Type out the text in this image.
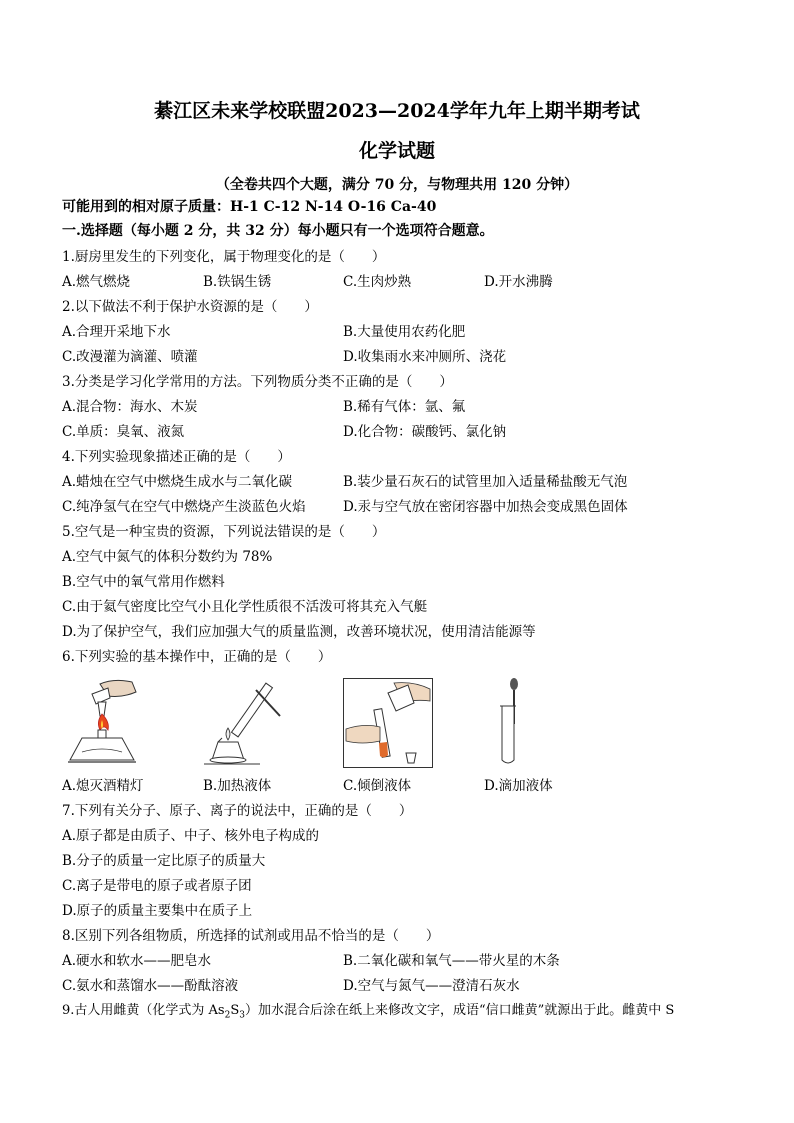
綦江区未来学校联盟2023—2024学年九年上期半期考试
化学试题
（全卷共四个大题，满分 70 分，与物理共用 120 分钟）
可能用到的相对原子质量：H-1 C-12 N-14 O-16 Ca-40
一.选择题（每小题 2 分，共 32 分）每小题只有一个选项符合题意。
1.厨房里发生的下列变化，属于物理变化的是（　　）
A.燃气燃烧	B.铁锅生锈	C.生肉炒熟	D.开水沸腾
2.以下做法不利于保护水资源的是（　　）
A.合理开采地下水	B.大量使用农药化肥
C.改漫灌为滴灌、喷灌	D.收集雨水来冲厕所、浇花
3.分类是学习化学常用的方法。下列物质分类不正确的是（　　）
A.混合物：海水、木炭	B.稀有气体：氩、氟
C.单质：臭氧、液氮	D.化合物：碳酸钙、氯化钠
4.下列实验现象描述正确的是（　　）
A.蜡烛在空气中燃烧生成水与二氧化碳	B.装少量石灰石的试管里加入适量稀盐酸无气泡
C.纯净氢气在空气中燃烧产生淡蓝色火焰	D.汞与空气放在密闭容器中加热会变成黑色固体
5.空气是一种宝贵的资源，下列说法错误的是（　　）
A.空气中氮气的体积分数约为 78%
B.空气中的氧气常用作燃料
C.由于氦气密度比空气小且化学性质很不活泼可将其充入气艇
D.为了保护空气，我们应加强大气的质量监测，改善环境状况，使用清洁能源等
6.下列实验的基本操作中，正确的是（　　）
A.熄灭酒精灯	B.加热液体	C.倾倒液体	D.滴加液体
7.下列有关分子、原子、离子的说法中，正确的是（　　）
A.原子都是由质子、中子、核外电子构成的
B.分子的质量一定比原子的质量大
C.离子是带电的原子或者原子团
D.原子的质量主要集中在质子上
8.区别下列各组物质，所选择的试剂或用品不恰当的是（　　）
A.硬水和软水——肥皂水	B.二氧化碳和氧气——带火星的木条
C.氨水和蒸馏水——酚酞溶液	D.空气与氮气——澄清石灰水
9.古人用雌黄（化学式为 $As_2S_3$）加水混合后涂在纸上来修改文字，成语“信口雌黄”就源出于此。雌黄中 S
